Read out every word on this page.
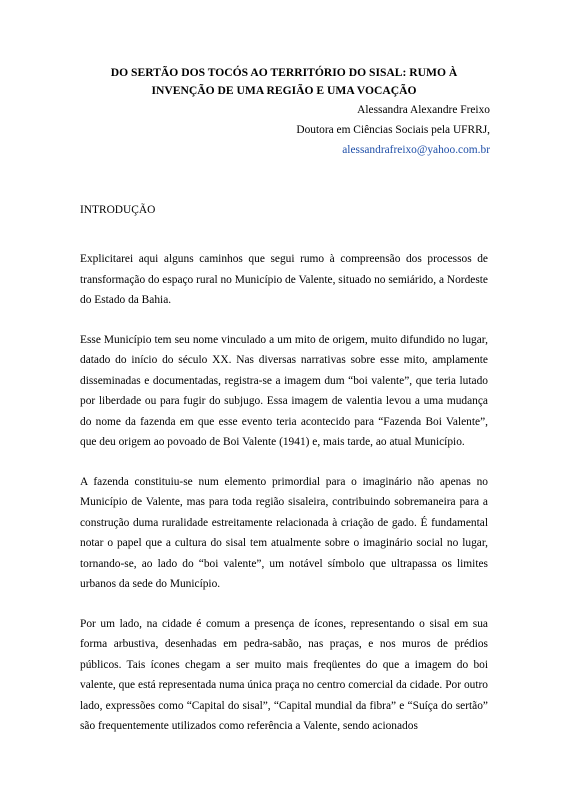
DO SERTÃO DOS TOCÓS AO TERRITÓRIO DO SISAL: RUMO À
INVENÇÃO DE UMA REGIÃO E UMA VOCAÇÃO
Alessandra Alexandre Freixo
Doutora em Ciências Sociais pela UFRRJ,
alessandrafreixo@yahoo.com.br
INTRODUÇÃO

Explicitarei aqui alguns caminhos que segui rumo à compreensão dos processos de transformação do espaço rural no Município de Valente, situado no semiárido, a Nordeste do Estado da Bahia.

Esse Município tem seu nome vinculado a um mito de origem, muito difundido no lugar, datado do início do século XX. Nas diversas narrativas sobre esse mito, amplamente disseminadas e documentadas, registra-se a imagem dum “boi valente”, que teria lutado por liberdade ou para fugir do subjugo. Essa imagem de valentia levou a uma mudança do nome da fazenda em que esse evento teria acontecido para “Fazenda Boi Valente”, que deu origem ao povoado de Boi Valente (1941) e, mais tarde, ao atual Município.

A fazenda constituiu-se num elemento primordial para o imaginário não apenas no Município de Valente, mas para toda região sisaleira, contribuindo sobremaneira para a construção duma ruralidade estreitamente relacionada à criação de gado. É fundamental notar o papel que a cultura do sisal tem atualmente sobre o imaginário social no lugar, tornando-se, ao lado do “boi valente”, um notável símbolo que ultrapassa os limites urbanos da sede do Município.

Por um lado, na cidade é comum a presença de ícones, representando o sisal em sua forma arbustiva, desenhadas em pedra-sabão, nas praças, e nos muros de prédios públicos. Tais ícones chegam a ser muito mais freqüentes do que a imagem do boi valente, que está representada numa única praça no centro comercial da cidade. Por outro lado, expressões como “Capital do sisal”, “Capital mundial da fibra” e “Suíça do sertão” são frequentemente utilizados como referência a Valente, sendo acionados
